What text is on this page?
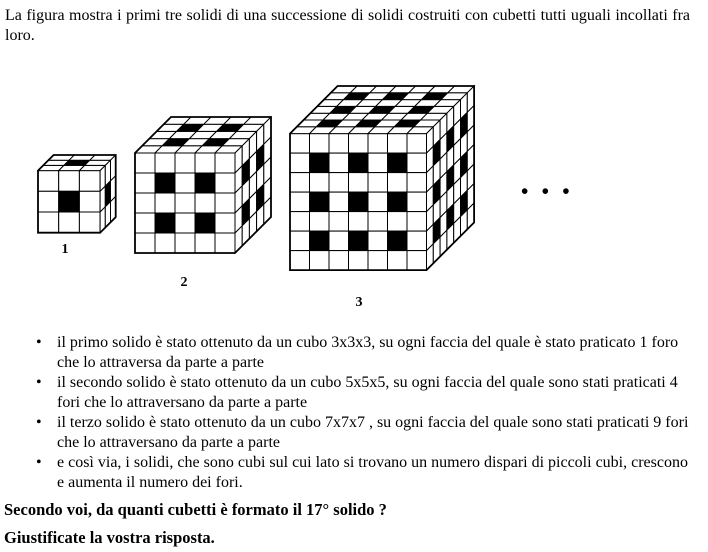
La figura mostra i primi tre solidi di una successione di solidi costruiti con cubetti tutti uguali incollati fra loro.

• • •
1
2
3
• il primo solido è stato ottenuto da un cubo 3x3x3, su ogni faccia del quale è stato praticato 1 foro che lo attraversa da parte a parte
• il secondo solido è stato ottenuto da un cubo 5x5x5, su ogni faccia del quale sono stati praticati 4 fori che lo attraversano da parte a parte
• il terzo solido è stato ottenuto da un cubo 7x7x7 , su ogni faccia del quale sono stati praticati 9 fori che lo attraversano da parte a parte
• e così via, i solidi, che sono cubi sul cui lato si trovano un numero dispari di piccoli cubi, crescono e aumenta il numero dei fori.

Secondo voi, da quanti cubetti è formato il 17° solido ?

Giustificate la vostra risposta.
